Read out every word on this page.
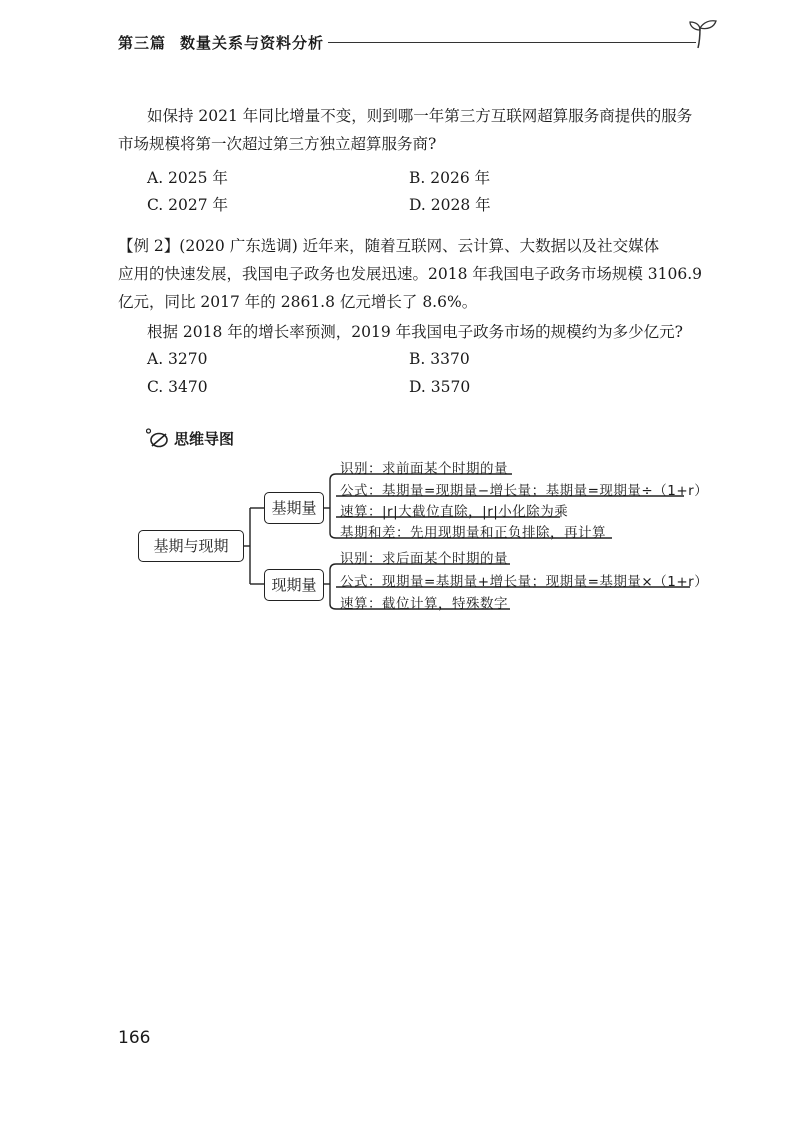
第三篇 数量关系与资料分析

如保持 2021 年同比增量不变，则到哪一年第三方互联网超算服务商提供的服务

市场规模将第一次超过第三方独立超算服务商?

A. 2025 年	B. 2026 年
C. 2027 年	D. 2028 年

【例 2】(2020 广东选调) 近年来，随着互联网、云计算、大数据以及社交媒体

应用的快速发展，我国电子政务也发展迅速。2018 年我国电子政务市场规模 3106.9

亿元，同比 2017 年的 2861.8 亿元增长了 8.6%。

根据 2018 年的增长率预测，2019 年我国电子政务市场的规模约为多少亿元?

A. 3270	B. 3370
C. 3470	D. 3570
思维导图
基期与现期
基期量
现期量
识别：求前面某个时期的量
公式：基期量=现期量−增长量；基期量=现期量÷（1+r）
速算：|r|大截位直除，|r|小化除为乘
基期和差：先用现期量和正负排除，再计算
识别：求后面某个时期的量
公式：现期量=基期量+增长量；现期量=基期量×（1+r）
速算：截位计算，特殊数字
166
